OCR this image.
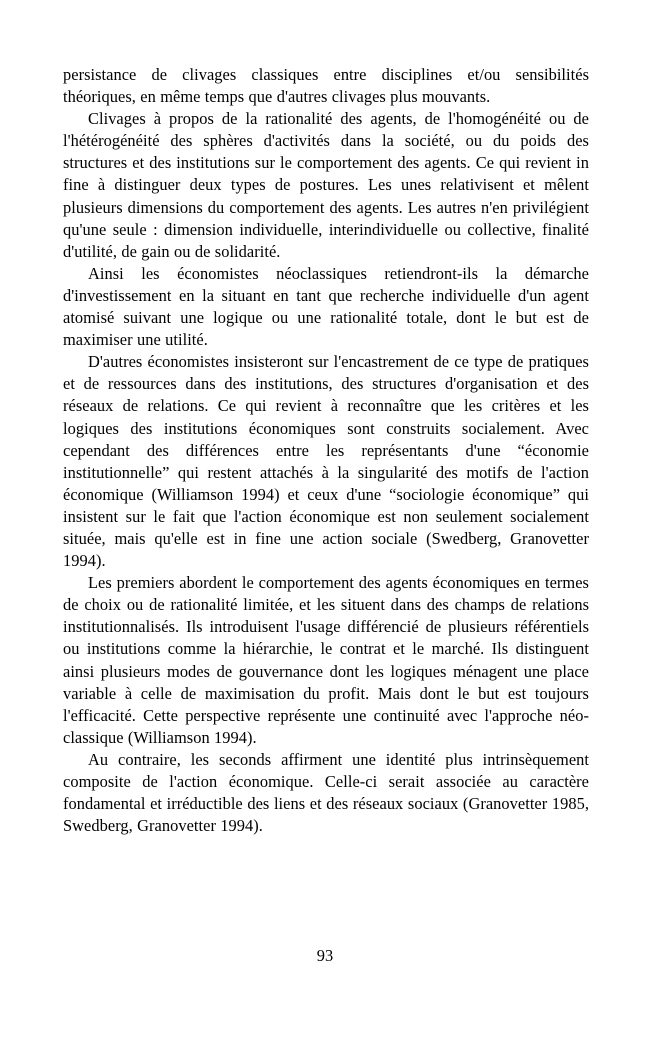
persistance de clivages classiques entre disciplines et/ou sensibilités théoriques, en même temps que d'autres clivages plus mouvants.

Clivages à propos de la rationalité des agents, de l'homogénéité ou de l'hétérogénéité des sphères d'activités dans la société, ou du poids des structures et des institutions sur le comportement des agents. Ce qui revient in fine à distinguer deux types de postures. Les unes relativisent et mêlent plusieurs dimensions du comportement des agents. Les autres n'en privilégient qu'une seule : dimension individuelle, interindividuelle ou collective, finalité d'utilité, de gain ou de solidarité.

Ainsi les économistes néoclassiques retiendront-ils la démarche d'investissement en la situant en tant que recherche individuelle d'un agent atomisé suivant une logique ou une rationalité totale, dont le but est de maximiser une utilité.

D'autres économistes insisteront sur l'encastrement de ce type de pratiques et de ressources dans des institutions, des structures d'organisation et des réseaux de relations. Ce qui revient à reconnaître que les critères et les logiques des institutions économiques sont construits socialement. Avec cependant des différences entre les représentants d'une “économie institutionnelle” qui restent attachés à la singularité des motifs de l'action économique (Williamson 1994) et ceux d'une “sociologie économique” qui insistent sur le fait que l'action économique est non seulement socialement située, mais qu'elle est in fine une action sociale (Swedberg, Granovetter 1994).

Les premiers abordent le comportement des agents économiques en termes de choix ou de rationalité limitée, et les situent dans des champs de relations institutionnalisés. Ils introduisent l'usage différencié de plusieurs référentiels ou institutions comme la hiérarchie, le contrat et le marché. Ils distinguent ainsi plusieurs modes de gouvernance dont les logiques ménagent une place variable à celle de maximisation du profit. Mais dont le but est toujours l'efficacité. Cette perspective représente une continuité avec l'approche néo-classique (Williamson 1994).

Au contraire, les seconds affirment une identité plus intrinsèquement composite de l'action économique. Celle-ci serait associée au caractère fondamental et irréductible des liens et des réseaux sociaux (Granovetter 1985, Swedberg, Granovetter 1994).

93
